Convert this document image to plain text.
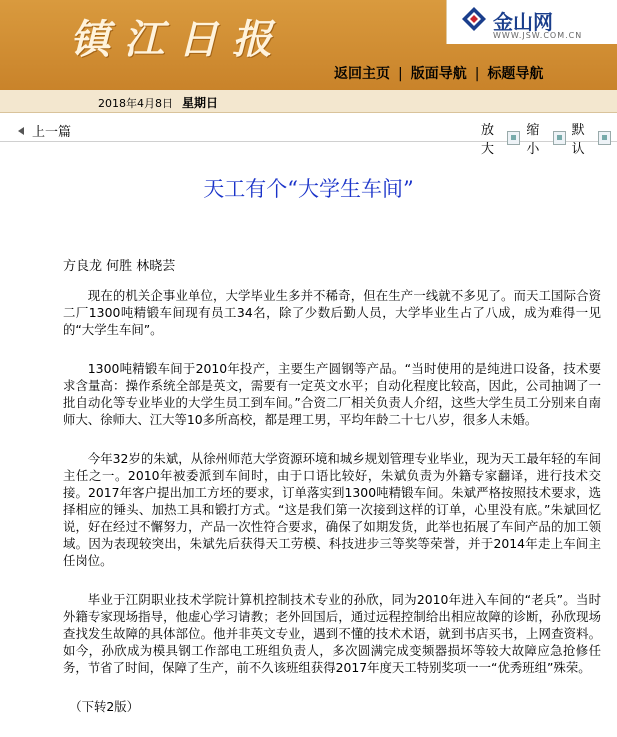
镇江日报	金山网
WWW.JSW.COM.CN
返回主页 | 版面导航 | 标题导航
2018年4月8日 星期日
上一篇	放大
缩小
默认
天工有个“大学生车间”
方良龙 何胜 林晓芸

现在的机关企事业单位，大学毕业生多并不稀奇，但在生产一线就不多见了。而天工国际合资二厂1300吨精锻车间现有员工34名，除了少数后勤人员，大学毕业生占了八成，成为难得一见的“大学生车间”。

1300吨精锻车间于2010年投产，主要生产圆钢等产品。“当时使用的是纯进口设备，技术要求含量高：操作系统全部是英文，需要有一定英文水平；自动化程度比较高，因此，公司抽调了一批自动化等专业毕业的大学生员工到车间。”合资二厂相关负责人介绍，这些大学生员工分别来自南师大、徐师大、江大等10多所高校，都是理工男，平均年龄二十七八岁，很多人未婚。

今年32岁的朱斌，从徐州师范大学资源环境和城乡规划管理专业毕业，现为天工最年轻的车间主任之一。2010年被委派到车间时，由于口语比较好，朱斌负责为外籍专家翻译，进行技术交接。2017年客户提出加工方坯的要求，订单落实到1300吨精锻车间。朱斌严格按照技术要求，选择相应的锤头、加热工具和锻打方式。“这是我们第一次接到这样的订单，心里没有底。”朱斌回忆说，好在经过不懈努力，产品一次性符合要求，确保了如期发货，此举也拓展了车间产品的加工领域。因为表现较突出，朱斌先后获得天工劳模、科技进步三等奖等荣誉，并于2014年走上车间主任岗位。

毕业于江阴职业技术学院计算机控制技术专业的孙欣，同为2010年进入车间的“老兵”。当时外籍专家现场指导，他虚心学习请教；老外回国后，通过远程控制给出相应故障的诊断，孙欣现场查找发生故障的具体部位。他并非英文专业，遇到不懂的技术术语，就到书店买书，上网查资料。如今，孙欣成为模具钢工作部电工班组负责人，多次圆满完成变频器损坏等较大故障应急抢修任务，节省了时间，保障了生产，前不久该班组获得2017年度天工特别奖项一一“优秀班组”殊荣。

（下转2版）
